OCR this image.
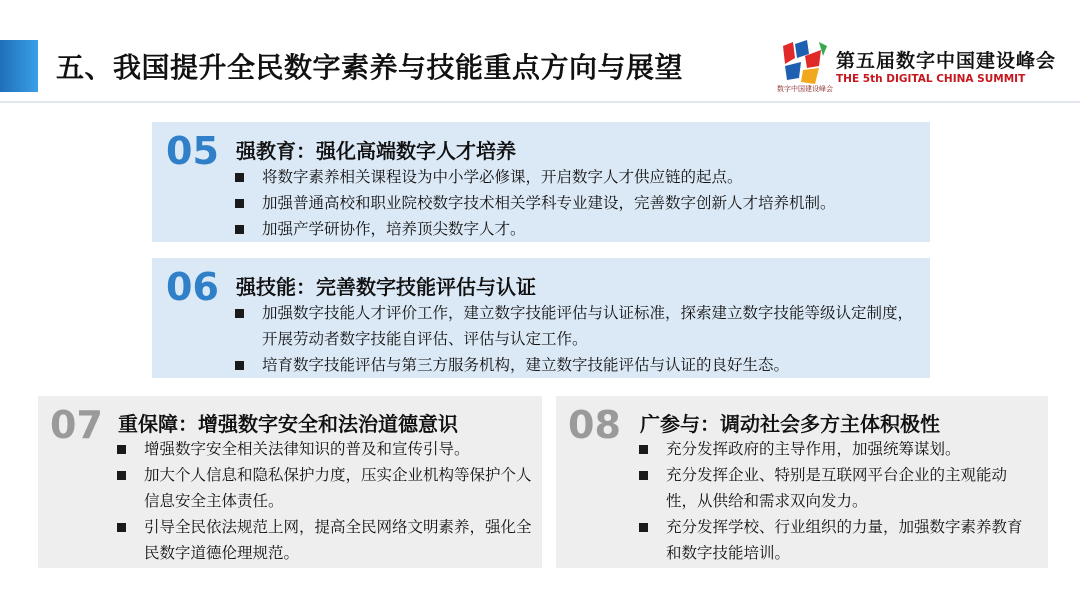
五、我国提升全民数字素养与技能重点方向与展望
数字中国建设峰会
第五届数字中国建设峰会
THE 5th DIGITAL CHINA SUMMIT
05 强教育：强化高端数字人才培养
将数字素养相关课程设为中小学必修课，开启数字人才供应链的起点。
加强普通高校和职业院校数字技术相关学科专业建设，完善数字创新人才培养机制。
加强产学研协作，培养顶尖数字人才。
06 强技能：完善数字技能评估与认证
加强数字技能人才评价工作，建立数字技能评估与认证标准，探索建立数字技能等级认定制度，开展劳动者数字技能自评估、评估与认定工作。
培育数字技能评估与第三方服务机构，建立数字技能评估与认证的良好生态。
07 重保障：增强数字安全和法治道德意识
增强数字安全相关法律知识的普及和宣传引导。
加大个人信息和隐私保护力度，压实企业机构等保护个人信息安全主体责任。
引导全民依法规范上网，提高全民网络文明素养，强化全民数字道德伦理规范。
08 广参与：调动社会多方主体积极性
充分发挥政府的主导作用，加强统筹谋划。
充分发挥企业、特别是互联网平台企业的主观能动性，从供给和需求双向发力。
充分发挥学校、行业组织的力量，加强数字素养教育和数字技能培训。
